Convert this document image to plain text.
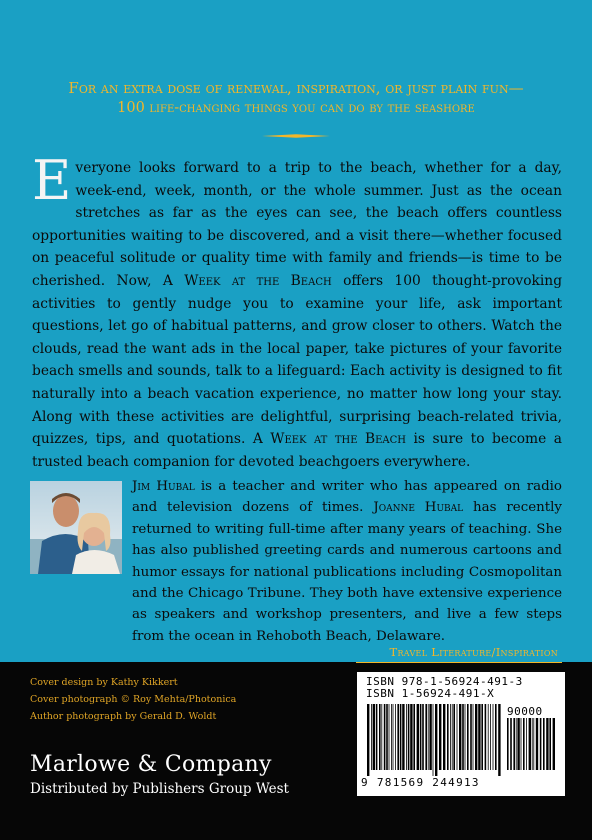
For an extra dose of renewal, inspiration, or just plain fun—
100 life-changing things you can do by the seashore
Everyone looks forward to a trip to the beach, whether for a day, week-end, week, month, or the whole summer. Just as the ocean stretches as far as the eyes can see, the beach offers countless opportunities waiting to be discovered, and a visit there—whether focused on peaceful solitude or quality time with family and friends—is time to be cherished. Now, A Week at the Beach offers 100 thought-provoking activities to gently nudge you to examine your life, ask important questions, let go of habitual patterns, and grow closer to others. Watch the clouds, read the want ads in the local paper, take pictures of your favorite beach smells and sounds, talk to a lifeguard: Each activity is designed to fit naturally into a beach vacation experience, no matter how long your stay. Along with these activities are delightful, surprising beach-related trivia, quizzes, tips, and quotations. A Week at the Beach is sure to become a trusted beach companion for devoted beachgoers everywhere.
Jim Hubal is a teacher and writer who has appeared on radio and television dozens of times. Joanne Hubal has recently returned to writing full-time after many years of teaching. She has also published greeting cards and numerous cartoons and humor essays for national publications including Cosmopolitan and the Chicago Tribune. They both have extensive experience as speakers and workshop presenters, and live a few steps from the ocean in Rehoboth Beach, Delaware.
Travel Literature/Inspiration
Cover design by Kathy Kikkert
Cover photograph © Roy Mehta/Photonica
Author photograph by Gerald D. Woldt
Marlowe & Company
Distributed by Publishers Group West
ISBN 978-1-56924-491-3
ISBN 1-56924-491-X
90000
9 781569 244913
